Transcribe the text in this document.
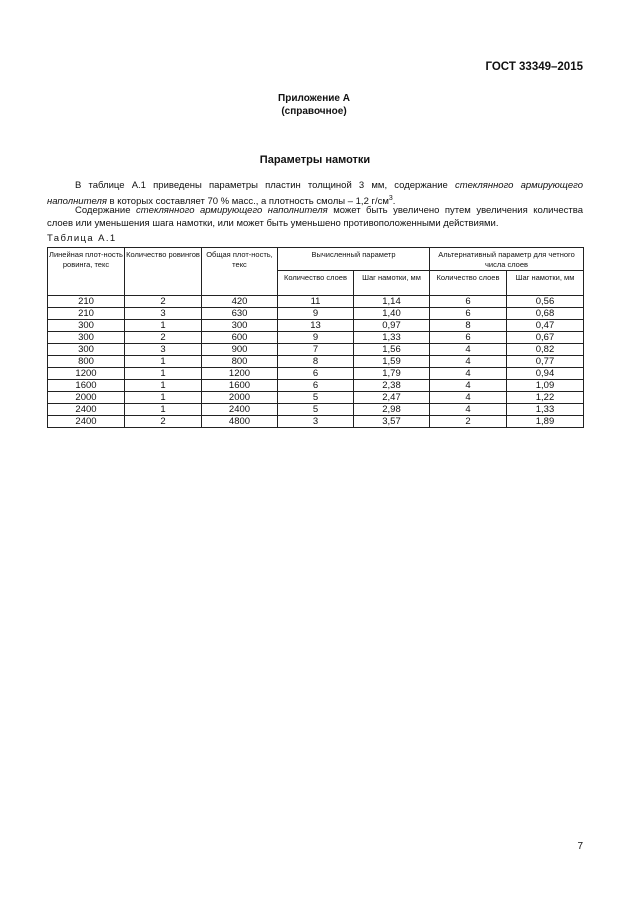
ГОСТ 33349–2015
Приложение А
(справочное)
Параметры намотки
В таблице А.1 приведены параметры пластин толщиной 3 мм, содержание стеклянного армирующего наполнителя в которых составляет 70 % масс., а плотность смолы – 1,2 $г/см^3$.
Содержание стеклянного армирующего наполнителя может быть увеличено путем увеличения количества слоев или уменьшения шага намотки, или может быть уменьшено противоположенными действиями.
Таблица А.1
Линейная плот-ность ровинга, текс	Количество ровингов	Общая плот-ность, текс	Вычисленный параметр		Альтернативный параметр для четного числа слоев	
			Количество слоев	Шаг намотки, мм	Количество слоев	Шаг намотки, мм
210	2	420	11	1,14	6	0,56
210	3	630	9	1,40	6	0,68
300	1	300	13	0,97	8	0,47
300	2	600	9	1,33	6	0,67
300	3	900	7	1,56	4	0,82
800	1	800	8	1,59	4	0,77
1200	1	1200	6	1,79	4	0,94
1600	1	1600	6	2,38	4	1,09
2000	1	2000	5	2,47	4	1,22
2400	1	2400	5	2,98	4	1,33
2400	2	4800	3	3,57	2	1,89
7
